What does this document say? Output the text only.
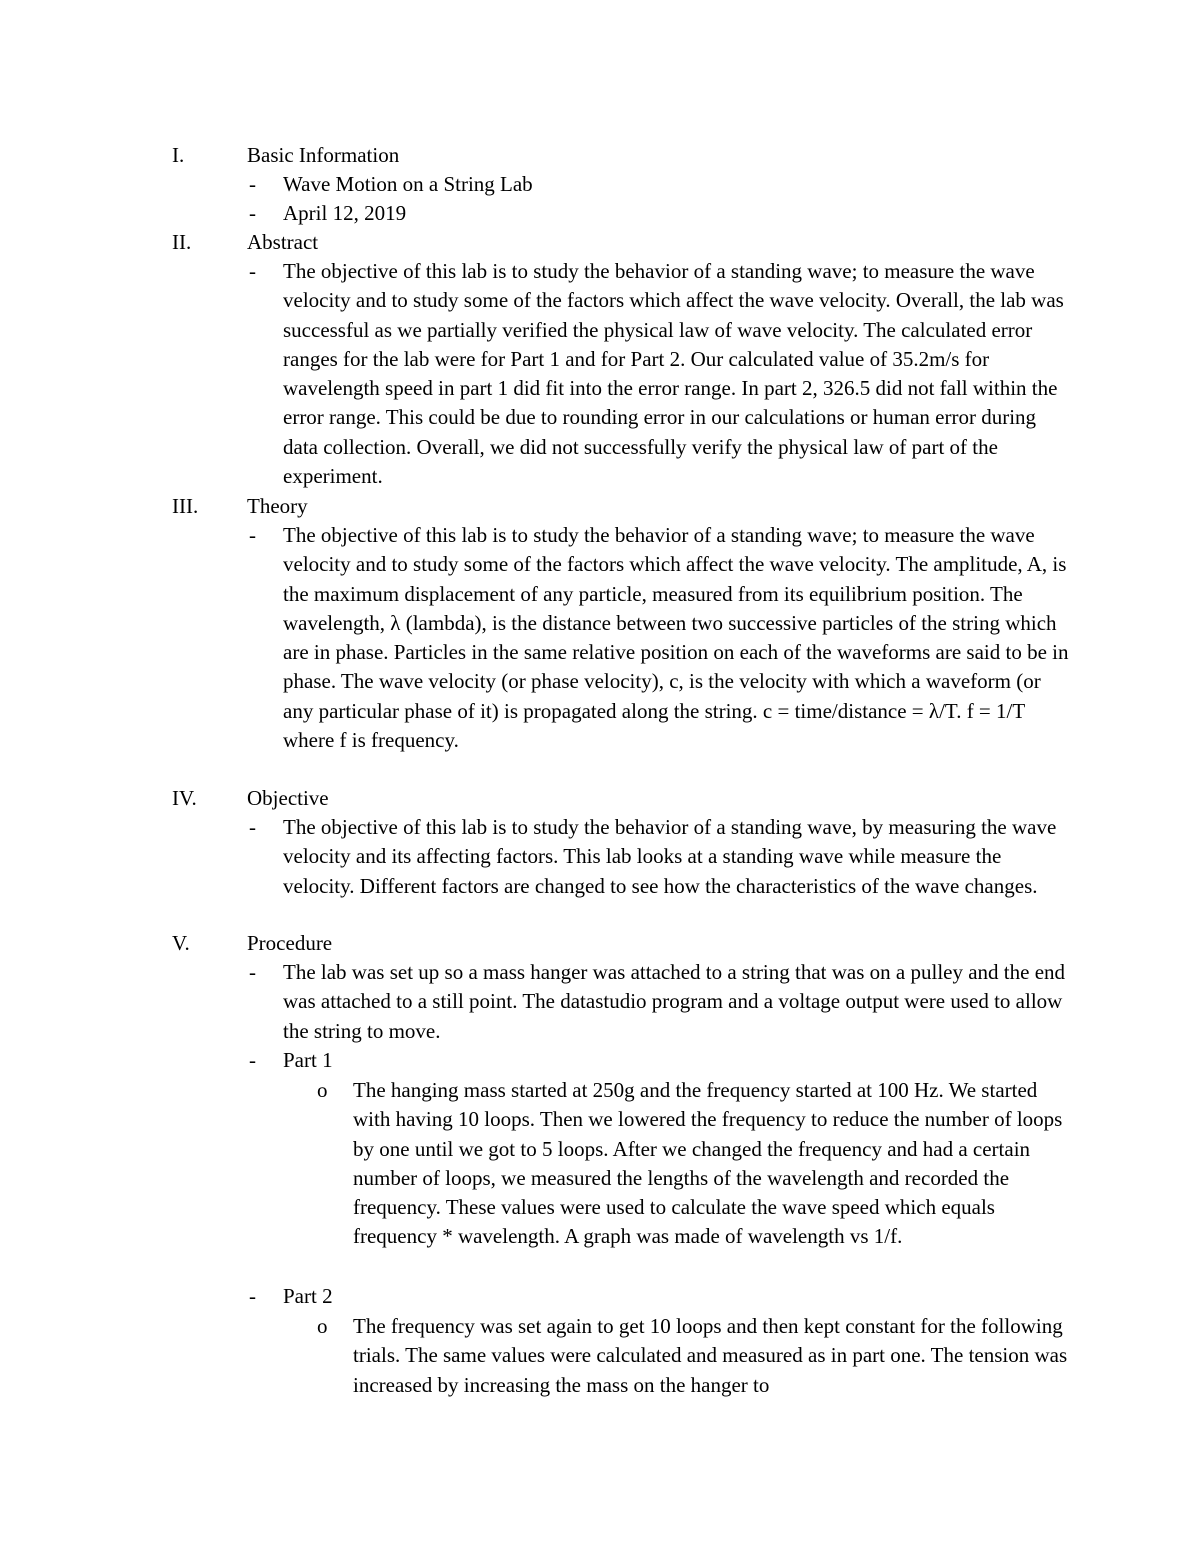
I.	Basic Information
- Wave Motion on a String Lab
- April 12, 2019
II.	Abstract
- The objective of this lab is to study the behavior of a standing wave; to measure the wave velocity and to study some of the factors which affect the wave velocity. Overall, the lab was successful as we partially verified the physical law of wave velocity. The calculated error ranges for the lab were for Part 1 and for Part 2. Our calculated value of 35.2m/s for wavelength speed in part 1 did fit into the error range. In part 2, 326.5 did not fall within the error range. This could be due to rounding error in our calculations or human error during data collection. Overall, we did not successfully verify the physical law of part of the experiment.
III. Theory
- The objective of this lab is to study the behavior of a standing wave; to measure the wave velocity and to study some of the factors which affect the wave velocity. The amplitude, A, is the maximum displacement of any particle, measured from its equilibrium position. The wavelength, λ (lambda), is the distance between two successive particles of the string which are in phase. Particles in the same relative position on each of the waveforms are said to be in phase. The wave velocity (or phase velocity), c, is the velocity with which a waveform (or any particular phase of it) is propagated along the string. c = time/distance = λ/T. f = 1/T where f is frequency.
IV. Objective
- The objective of this lab is to study the behavior of a standing wave, by measuring the wave velocity and its affecting factors. This lab looks at a standing wave while measure the velocity. Different factors are changed to see how the characteristics of the wave changes.
V.	Procedure
- The lab was set up so a mass hanger was attached to a string that was on a pulley and the end was attached to a still point. The datastudio program and a voltage output were used to allow the string to move.
- Part 1
o The hanging mass started at 250g and the frequency started at 100 Hz. We started with having 10 loops. Then we lowered the frequency to reduce the number of loops by one until we got to 5 loops. After we changed the frequency and had a certain number of loops, we measured the lengths of the wavelength and recorded the frequency. These values were used to calculate the wave speed which equals frequency * wavelength. A graph was made of wavelength vs 1/f.
- Part 2
o The frequency was set again to get 10 loops and then kept constant for the following trials. The same values were calculated and measured as in part one. The tension was increased by increasing the mass on the hanger to
